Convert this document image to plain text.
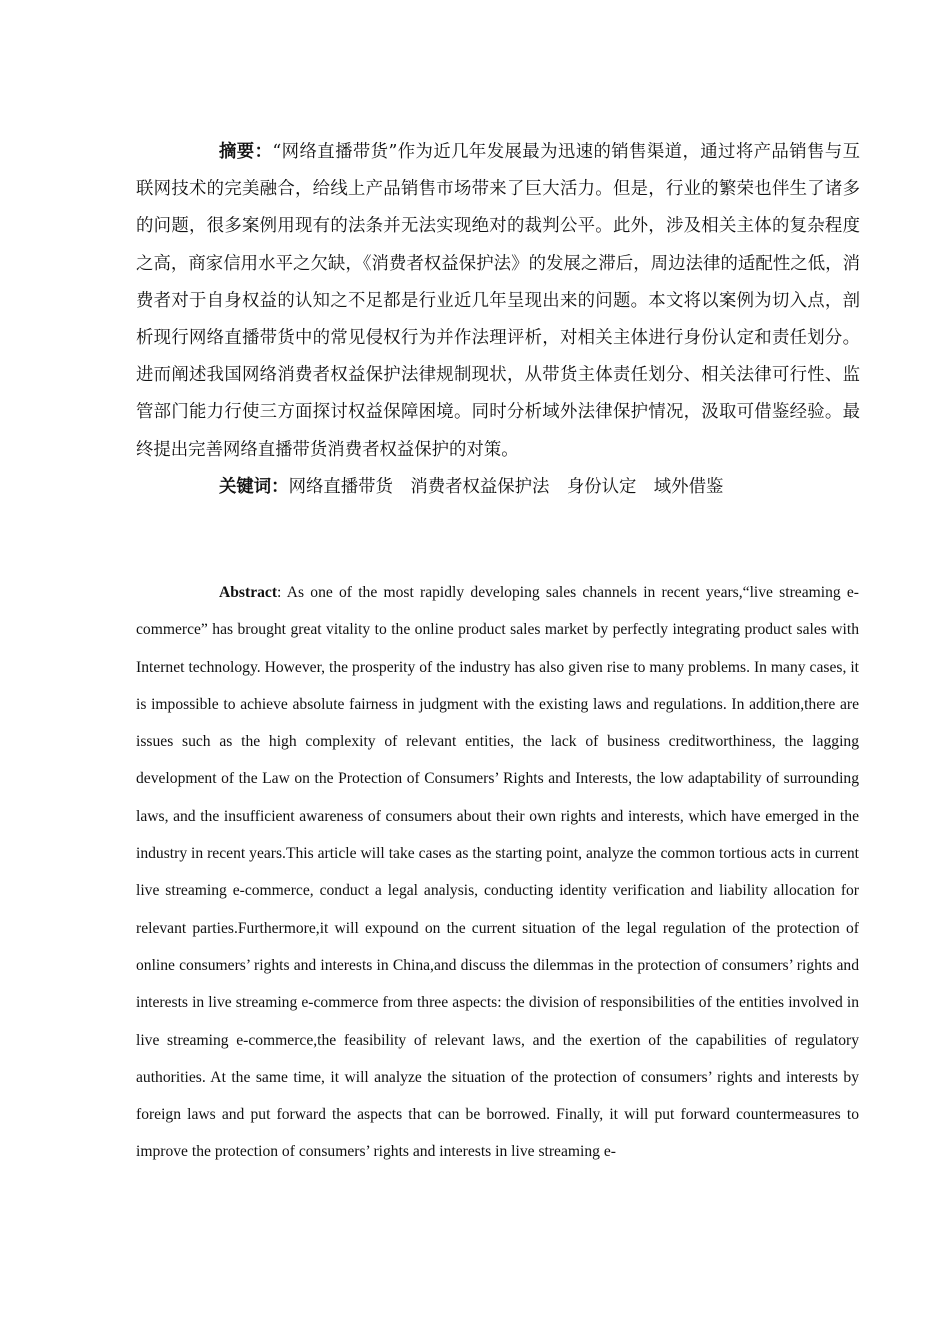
摘要：“网络直播带货”作为近几年发展最为迅速的销售渠道，通过将产品销售与互联网技术的完美融合，给线上产品销售市场带来了巨大活力。但是，行业的繁荣也伴生了诸多的问题，很多案例用现有的法条并无法实现绝对的裁判公平。此外，涉及相关主体的复杂程度之高，商家信用水平之欠缺，《消费者权益保护法》的发展之滞后，周边法律的适配性之低，消费者对于自身权益的认知之不足都是行业近几年呈现出来的问题。本文将以案例为切入点，剖析现行网络直播带货中的常见侵权行为并作法理评析，对相关主体进行身份认定和责任划分。进而阐述我国网络消费者权益保护法律规制现状，从带货主体责任划分、相关法律可行性、监管部门能力行使三方面探讨权益保障困境。同时分析域外法律保护情况，汲取可借鉴经验。最终提出完善网络直播带货消费者权益保护的对策。

关键词：网络直播带货　消费者权益保护法　身份认定　域外借鉴

Abstract: As one of the most rapidly developing sales channels in recent years,“live streaming e-commerce” has brought great vitality to the online product sales market by perfectly integrating product sales with Internet technology. However, the prosperity of the industry has also given rise to many problems. In many cases, it is impossible to achieve absolute fairness in judgment with the existing laws and regulations. In addition,there are issues such as the high complexity of relevant entities, the lack of business creditworthiness, the lagging development of the Law on the Protection of Consumers’ Rights and Interests, the low adaptability of surrounding laws, and the insufficient awareness of consumers about their own rights and interests, which have emerged in the industry in recent years.This article will take cases as the starting point, analyze the common tortious acts in current live streaming e-commerce, conduct a legal analysis, conducting identity verification and liability allocation for relevant parties.Furthermore,it will expound on the current situation of the legal regulation of the protection of online consumers’ rights and interests in China,and discuss the dilemmas in the protection of consumers’ rights and interests in live streaming e-commerce from three aspects: the division of responsibilities of the entities involved in live streaming e-commerce,the feasibility of relevant laws, and the exertion of the capabilities of regulatory authorities. At the same time, it will analyze the situation of the protection of consumers’ rights and interests by foreign laws and put forward the aspects that can be borrowed. Finally, it will put forward countermeasures to improve the protection of consumers’ rights and interests in live streaming e-
